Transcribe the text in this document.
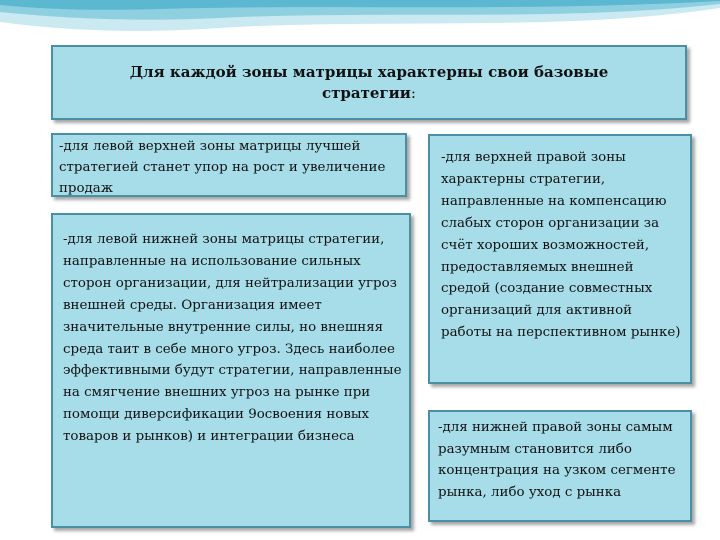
Для каждой зоны матрицы характерны свои базовые
стратегии:
-для левой верхней зоны матрицы лучшей стратегией станет упор на рост и увеличение продаж
-для левой нижней зоны матрицы стратегии, направленные на использование сильных сторон организации, для нейтрализации угроз внешней среды. Организация имеет значительные внутренние силы, но внешняя среда таит в себе много угроз. Здесь наиболее эффективными будут стратегии, направленные на смягчение внешних угроз на рынке при помощи диверсификации 9освоения новых товаров и рынков) и интеграции бизнеса
-для верхней правой зоны характерны стратегии, направленные на компенсацию слабых сторон организации за счёт хороших возможностей, предоставляемых внешней средой (создание совместных организаций для активной работы на перспективном рынке)
-для нижней правой зоны самым разумным становится либо концентрация на узком сегменте рынка, либо уход с рынка
